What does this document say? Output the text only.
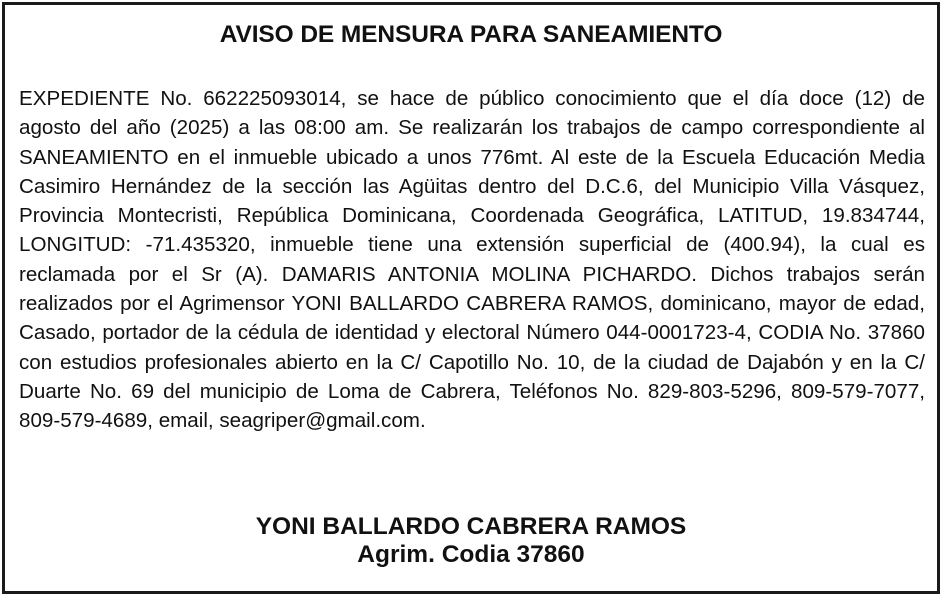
AVISO DE MENSURA PARA SANEAMIENTO
EXPEDIENTE No. 662225093014, se hace de público conocimiento que el día doce (12) de agosto del año (2025) a las 08:00 am. Se realizarán los trabajos de campo correspondiente al SANEAMIENTO en el inmueble ubicado a unos 776mt. Al este de la Escuela Educación Media Casimiro Hernández de la sección las Agüitas dentro del D.C.6, del Municipio Villa Vásquez, Provincia Montecristi, República Dominicana, Coordenada Geográfica, LATITUD, 19.834744, LONGITUD: -71.435320, inmueble tiene una extensión superficial de (400.94), la cual es reclamada por el Sr (A). DAMARIS ANTONIA MOLINA PICHARDO. Dichos trabajos serán realizados por el Agrimensor YONI BALLARDO CABRERA RAMOS, dominicano, mayor de edad, Casado, portador de la cédula de identidad y electoral Número 044-0001723-4, CODIA No. 37860 con estudios profesionales abierto en la C/ Capotillo No. 10, de la ciudad de Dajabón y en la C/ Duarte No. 69 del municipio de Loma de Cabrera, Teléfonos No. 829-803-5296, 809-579-7077, 809-579-4689, email, seagriper@gmail.com.
YONI BALLARDO CABRERA RAMOS
Agrim. Codia 37860
